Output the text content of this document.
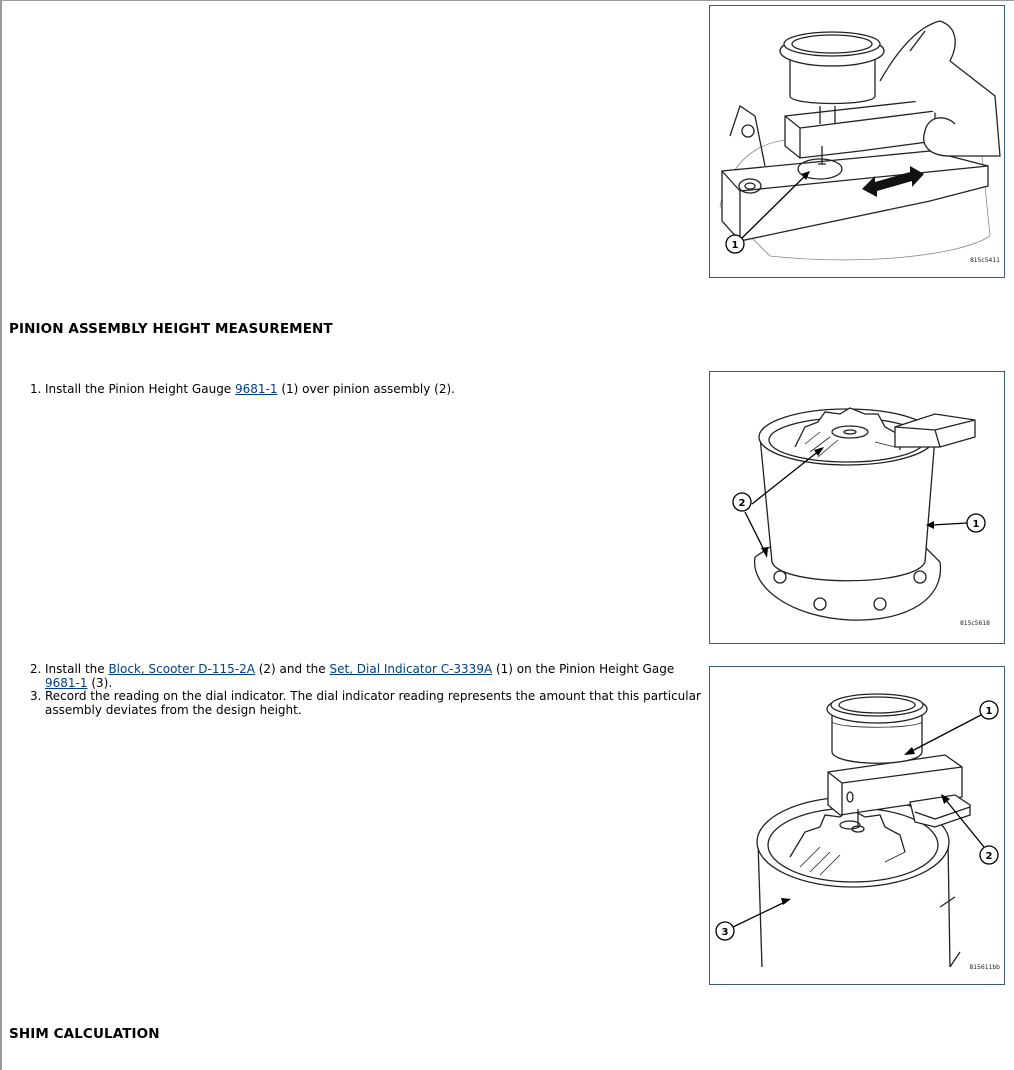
1
815c5411
PINION ASSEMBLY HEIGHT MEASUREMENT
1. Install the Pinion Height Gauge 9681-1 (1) over pinion assembly (2).
2
1
815c5618
2. Install the Block, Scooter D-115-2A (2) and the Set, Dial Indicator C-3339A (1) on the Pinion Height Gage 9681-1 (3).
3. Record the reading on the dial indicator. The dial indicator reading represents the amount that this particular assembly deviates from the design height.	1
2
3
815611bb
SHIM CALCULATION
